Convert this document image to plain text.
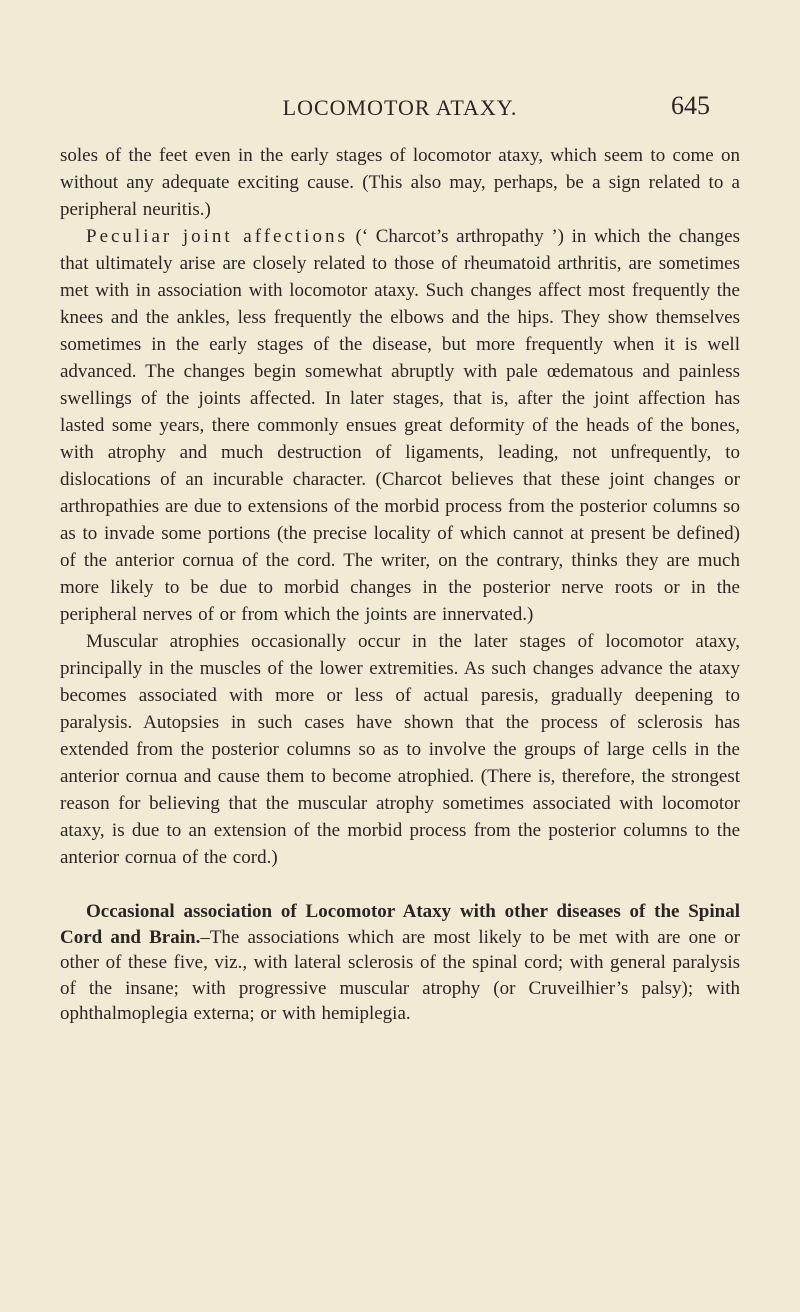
LOCOMOTOR ATAXY.	645

soles of the feet even in the early stages of locomotor ataxy, which seem to come on without any adequate exciting cause. (This also may, perhaps, be a sign related to a peripheral neuritis.)

Peculiar joint affections (‘ Charcot’s arthropathy ’) in which the changes that ultimately arise are closely related to those of rheumatoid arthritis, are sometimes met with in association with locomotor ataxy. Such changes affect most frequently the knees and the ankles, less frequently the elbows and the hips. They show themselves sometimes in the early stages of the disease, but more frequently when it is well advanced. The changes begin somewhat abruptly with pale œdematous and painless swellings of the joints affected. In later stages, that is, after the joint affection has lasted some years, there commonly ensues great deformity of the heads of the bones, with atrophy and much destruction of ligaments, leading, not unfrequently, to dislocations of an incurable character. (Charcot believes that these joint changes or arthropathies are due to extensions of the morbid process from the posterior columns so as to invade some portions (the precise locality of which cannot at present be defined) of the anterior cornua of the cord. The writer, on the contrary, thinks they are much more likely to be due to morbid changes in the posterior nerve roots or in the peripheral nerves of or from which the joints are innervated.)

Muscular atrophies occasionally occur in the later stages of locomotor ataxy, principally in the muscles of the lower extremities. As such changes advance the ataxy becomes associated with more or less of actual paresis, gradually deepening to paralysis. Autopsies in such cases have shown that the process of sclerosis has extended from the posterior columns so as to involve the groups of large cells in the anterior cornua and cause them to become atrophied. (There is, therefore, the strongest reason for believing that the muscular atrophy sometimes associated with locomotor ataxy, is due to an extension of the morbid process from the posterior columns to the anterior cornua of the cord.)

Occasional association of Locomotor Ataxy with other diseases of the Spinal Cord and Brain.–The associations which are most likely to be met with are one or other of these five, viz., with lateral sclerosis of the spinal cord; with general paralysis of the insane; with progressive muscular atrophy (or Cruveilhier’s palsy); with ophthalmoplegia externa; or with hemiplegia.
